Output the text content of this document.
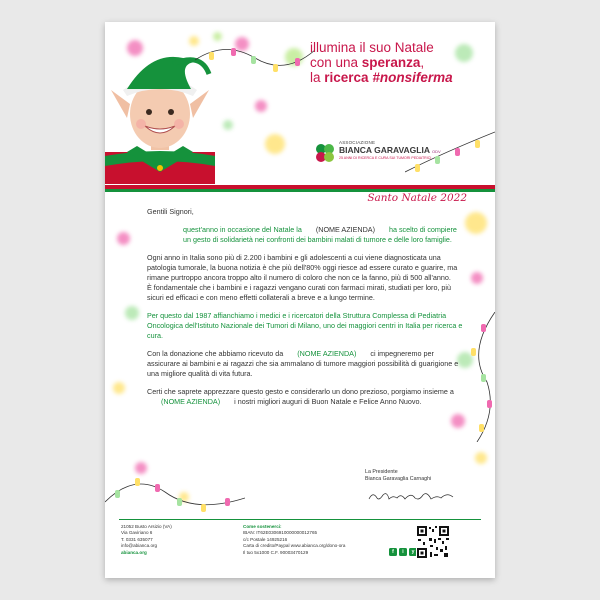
illumina il suo Natale
con una speranza,
la ricerca #nonsiferma
ASSOCIAZIONE
BIANCA GARAVAGLIA ODV
25 ANNI DI RICERCA E CURA SUI TUMORI PEDIATRICI
Santo Natale 2022

Gentili Signori,

quest'anno in occasione del Natale la (NOME AZIENDA) ha scelto di compiere un gesto di solidarietà nei confronti dei bambini malati di tumore e delle loro famiglie.

Ogni anno in Italia sono più di 2.200 i bambini e gli adolescenti a cui viene diagnosticata una patologia tumorale, la buona notizia è che più dell'80% oggi riesce ad essere curato e guarire, ma rimane purtroppo ancora troppo alto il numero di coloro che non ce la fanno, più di 500 all'anno.

È fondamentale che i bambini e i ragazzi vengano curati con farmaci mirati, studiati per loro, più sicuri ed efficaci e con meno effetti collaterali a breve e a lungo termine.

Per questo dal 1987 affianchiamo i medici e i ricercatori della Struttura Complessa di Pediatria Oncologica dell'Istituto Nazionale dei Tumori di Milano, uno dei maggiori centri in Italia per ricerca e cura.

Con la donazione che abbiamo ricevuto da (NOME AZIENDA) ci impegneremo per assicurare ai bambini e ai ragazzi che sia ammalano di tumore maggiori possibilità di guarigione e una migliore qualità di vita futura.

Certi che saprete apprezzare questo gesto e considerarlo un dono prezioso, porgiamo insieme a(NOME AZIENDA) i nostri migliori auguri di Buon Natale e Felice Anno Nuovo.

La Presidente
Bianca Garavaglia Carnaghi
21052 Busto Arsizio (VA)
Via Gaviriano 6
T. 0331 635077
info@abianca.org
abianca.org
Come sostenerci:
IBAN: IT62E0306910000000012765
c/c Postale 14925216
Carta di credito/Paypal www.abianca.org/dono-ora
Il tuo 5x1000 C.F. 90003470129	f	i	y
